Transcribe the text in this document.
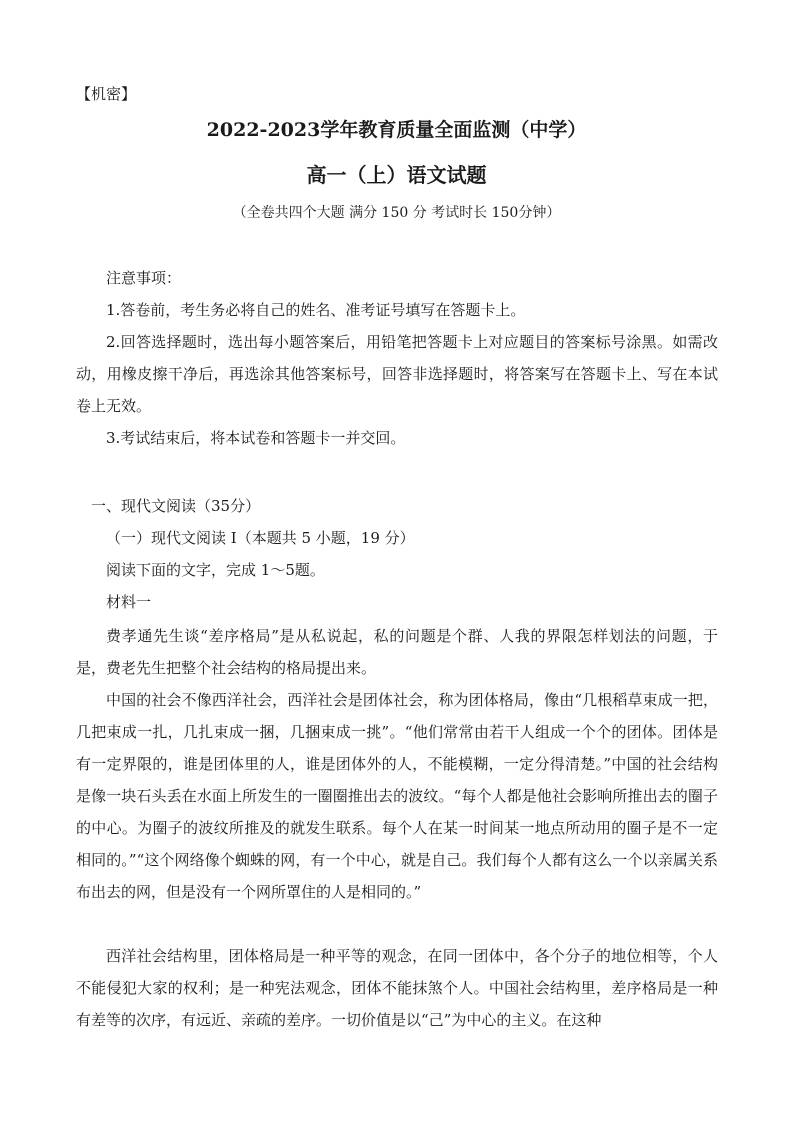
【机密】
2022-2023学年教育质量全面监测（中学）
高一（上）语文试题
（全卷共四个大题 满分 150 分 考试时长 150分钟）
注意事项：
1.答卷前，考生务必将自己的姓名、准考证号填写在答题卡上。
2.回答选择题时，选出每小题答案后，用铅笔把答题卡上对应题目的答案标号涂黑。如需改动，用橡皮擦干净后，再选涂其他答案标号，回答非选择题时，将答案写在答题卡上、写在本试卷上无效。
3.考试结束后，将本试卷和答题卡一并交回。
一、现代文阅读（35分）
（一）现代文阅读 I（本题共 5 小题，19 分）
阅读下面的文字，完成 1～5题。
材料一
费孝通先生谈“差序格局”是从私说起，私的问题是个群、人我的界限怎样划法的问题，于是，费老先生把整个社会结构的格局提出来。
中国的社会不像西洋社会，西洋社会是团体社会，称为团体格局，像由“几根稻草束成一把，几把束成一扎，几扎束成一捆，几捆束成一挑”。“他们常常由若干人组成一个个的团体。团体是有一定界限的，谁是团体里的人，谁是团体外的人，不能模糊，一定分得清楚。”中国的社会结构是像一块石头丢在水面上所发生的一圈圈推出去的波纹。“每个人都是他社会影响所推出去的圈子的中心。为圈子的波纹所推及的就发生联系。每个人在某一时间某一地点所动用的圈子是不一定相同的。”“这个网络像个蜘蛛的网，有一个中心，就是自己。我们每个人都有这么一个以亲属关系布出去的网，但是没有一个网所罩住的人是相同的。”
西洋社会结构里，团体格局是一种平等的观念，在同一团体中，各个分子的地位相等，个人不能侵犯大家的权利；是一种宪法观念，团体不能抹煞个人。中国社会结构里，差序格局是一种有差等的次序，有远近、亲疏的差序。一切价值是以“己”为中心的主义。在这种
